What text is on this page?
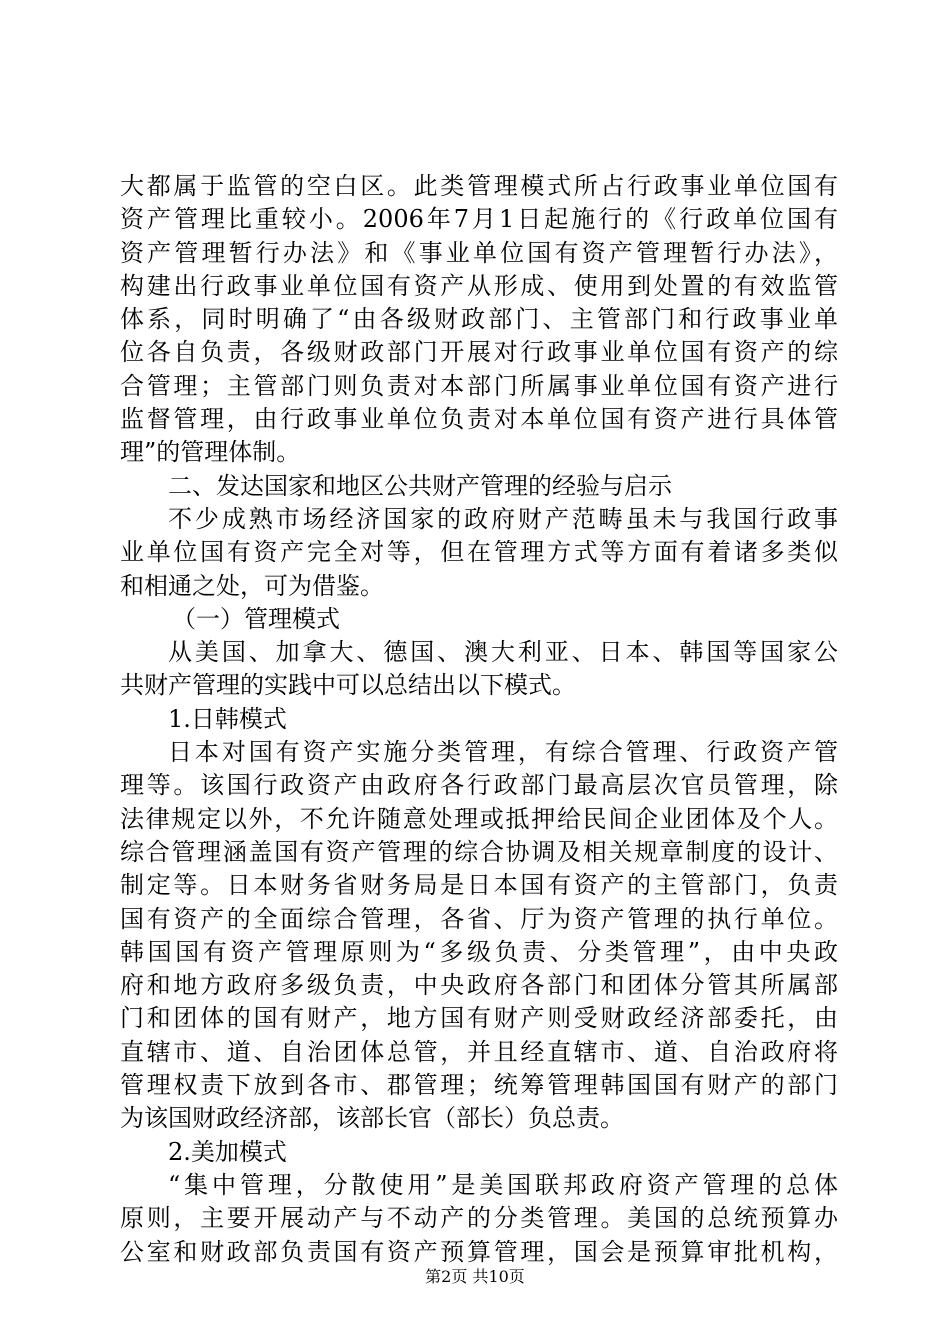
大都属于监管的空白区。此类管理模式所占行政事业单位国有
资产管理比重较小。2006年7月1日起施行的《行政单位国有
资产管理暂行办法》和《事业单位国有资产管理暂行办法》，
构建出行政事业单位国有资产从形成、使用到处置的有效监管
体系，同时明确了“由各级财政部门、主管部门和行政事业单
位各自负责，各级财政部门开展对行政事业单位国有资产的综
合管理；主管部门则负责对本部门所属事业单位国有资产进行
监督管理，由行政事业单位负责对本单位国有资产进行具体管
理”的管理体制。
二、发达国家和地区公共财产管理的经验与启示
不少成熟市场经济国家的政府财产范畴虽未与我国行政事
业单位国有资产完全对等，但在管理方式等方面有着诸多类似
和相通之处，可为借鉴。
（一）管理模式
从美国、加拿大、德国、澳大利亚、日本、韩国等国家公
共财产管理的实践中可以总结出以下模式。
1.日韩模式
日本对国有资产实施分类管理，有综合管理、行政资产管
理等。该国行政资产由政府各行政部门最高层次官员管理，除
法律规定以外，不允许随意处理或抵押给民间企业团体及个人。
综合管理涵盖国有资产管理的综合协调及相关规章制度的设计、
制定等。日本财务省财务局是日本国有资产的主管部门，负责
国有资产的全面综合管理，各省、厅为资产管理的执行单位。
韩国国有资产管理原则为“多级负责、分类管理”，由中央政
府和地方政府多级负责，中央政府各部门和团体分管其所属部
门和团体的国有财产，地方国有财产则受财政经济部委托，由
直辖市、道、自治团体总管，并且经直辖市、道、自治政府将
管理权责下放到各市、郡管理；统筹管理韩国国有财产的部门
为该国财政经济部，该部长官（部长）负总责。
2.美加模式
“集中管理，分散使用”是美国联邦政府资产管理的总体
原则，主要开展动产与不动产的分类管理。美国的总统预算办
公室和财政部负责国有资产预算管理，国会是预算审批机构，
第2页 共10页
